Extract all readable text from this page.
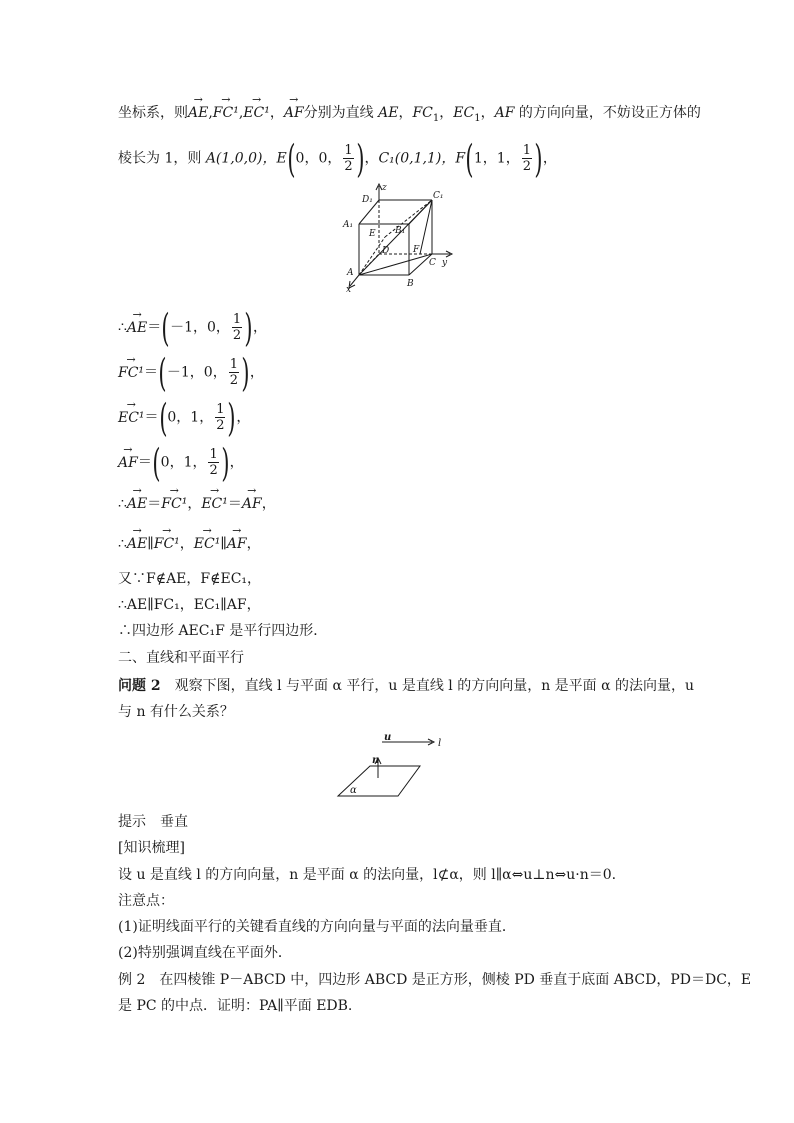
坐标系，则→ AE,→ FC¹,→ EC¹，→ AF分别为直线 AE，$FC_1$，$EC_1$，AF 的方向向量，不妨设正方体的
棱长为 1，则 A(1,0,0)，E(0，0， $\frac{1}{2}$ )，C₁(0,1,1)，F(1，1， $\frac{1}{2}$ )，
z
y
x
D₁	C₁
A₁
B₁
E
D	F
C
A
B
∴→ AE＝(－1，0， $\frac{1}{2}$ )，
→ FC¹＝(－1，0， $\frac{1}{2}$ )，
→ EC¹＝(0，1， $\frac{1}{2}$ )，
→ AF＝(0，1， $\frac{1}{2}$ )，
∴→ AE＝→ FC¹，→ EC¹＝→ AF，
∴→ AE∥→ FC¹，→ EC¹∥→ AF，
又∵F∉AE，F∉EC₁，
∴AE∥FC₁，EC₁∥AF，
∴四边形 AEC₁F 是平行四边形．
二、直线和平面平行
问题 2　 观察下图，直线 l 与平面 α 平行，u 是直线 l 的方向向量，n 是平面 α 的法向量，u
与 n 有什么关系？
u
l
n
α
提示　垂直
[知识梳理]
设 u 是直线 l 的方向向量，n 是平面 α 的法向量，l⊄α，则 l∥α⇔u⊥n⇔u·n＝0.
注意点：
(1)证明线面平行的关键看直线的方向向量与平面的法向量垂直．
(2)特别强调直线在平面外．
例 2　在四棱锥 P－ABCD 中，四边形 ABCD 是正方形，侧棱 PD 垂直于底面 ABCD，PD＝DC，E
是 PC 的中点．证明：PA∥平面 EDB.
